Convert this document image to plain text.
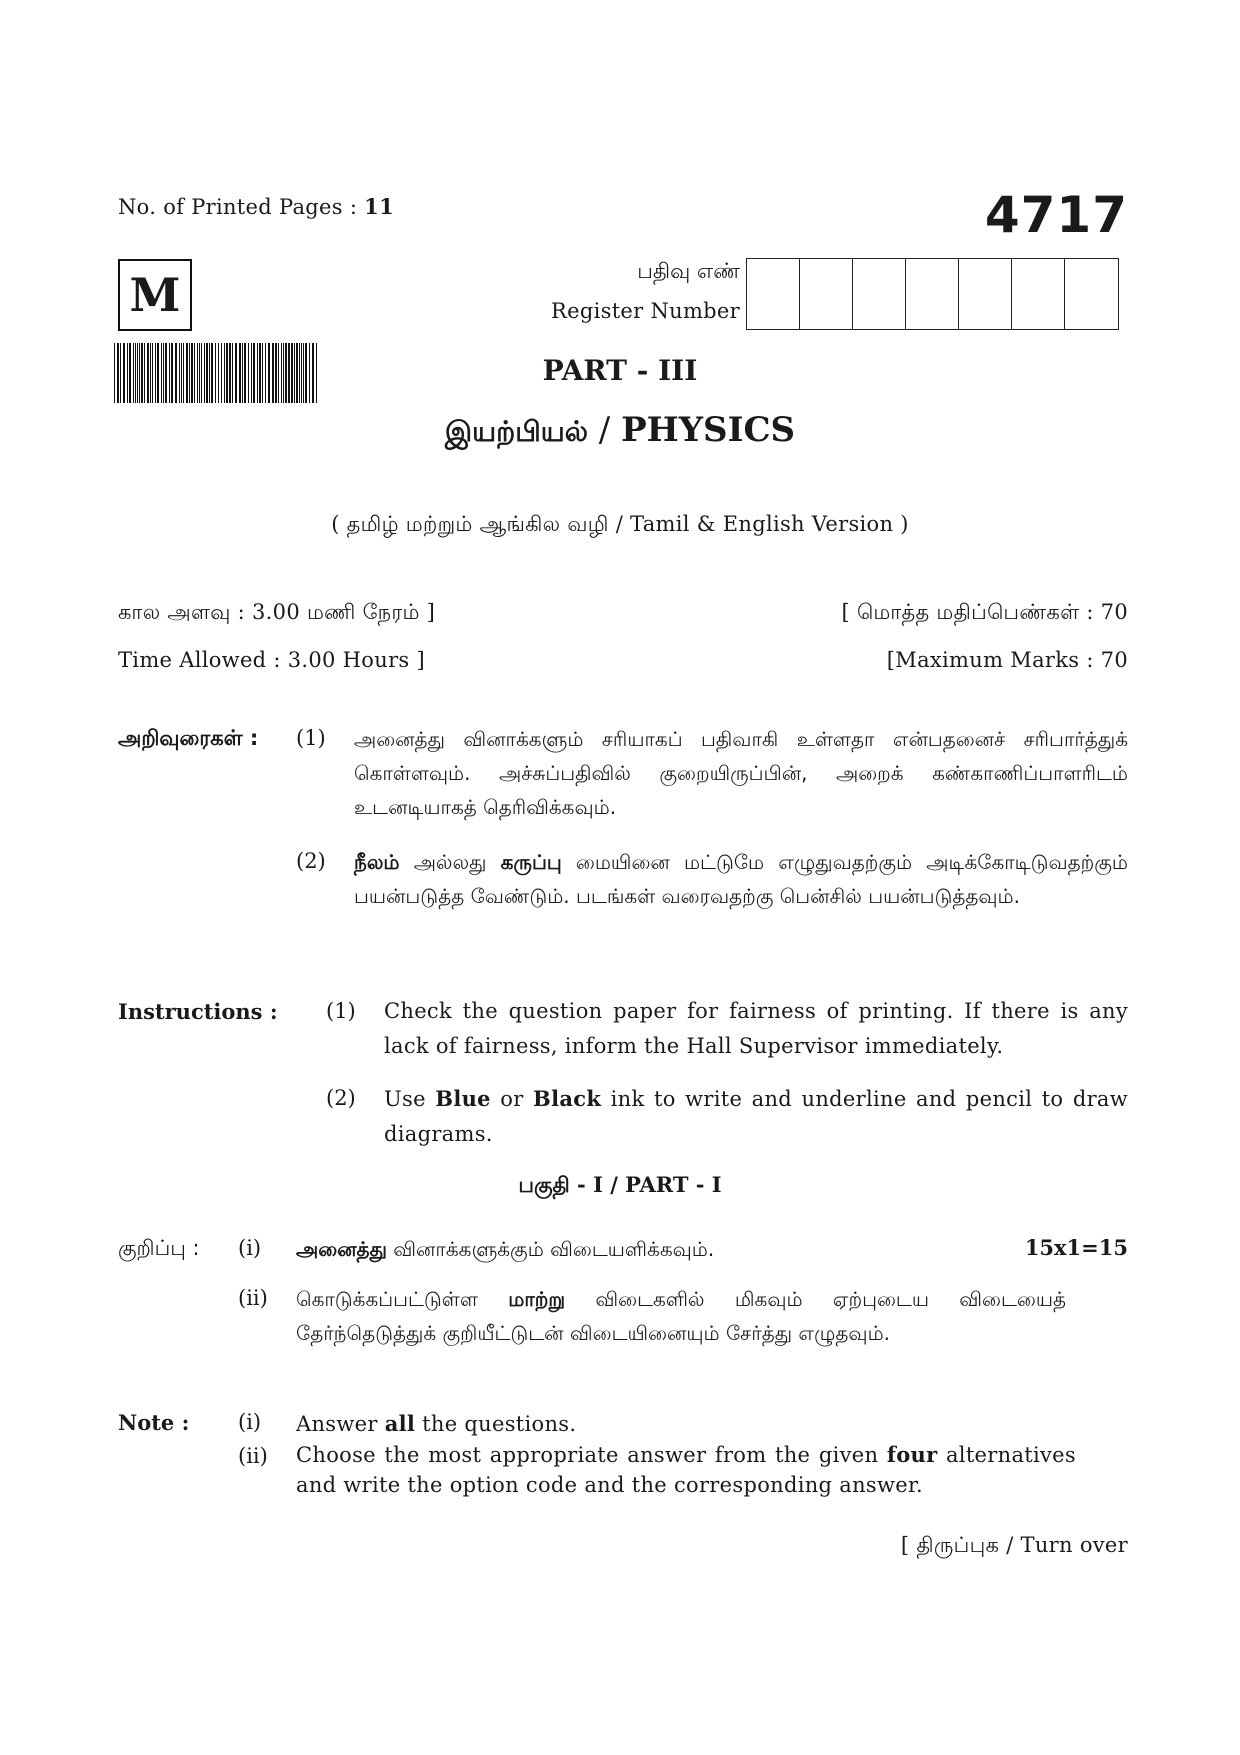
No. of Printed Pages : 11	4717
M	பதிவு எண்
Register Number
PART - III
இயற்பியல் / PHYSICS
( தமிழ் மற்றும் ஆங்கில வழி / Tamil & English Version )
கால அளவு : 3.00 மணி நேரம் ]	[ மொத்த மதிப்பெண்கள் : 70
Time Allowed : 3.00 Hours ]	[Maximum Marks : 70
அறிவுரைகள் : (1) அனைத்து வினாக்களும் சரியாகப் பதிவாகி உள்ளதா என்பதனைச் சரிபார்த்துக் கொள்ளவும். அச்சுப்பதிவில் குறையிருப்பின், அறைக் கண்காணிப்பாளரிடம் உடனடியாகத் தெரிவிக்கவும்.
(2) நீலம் அல்லது கருப்பு மையினை மட்டுமே எழுதுவதற்கும் அடிக்கோடிடுவதற்கும் பயன்படுத்த வேண்டும். படங்கள் வரைவதற்கு பென்சில் பயன்படுத்தவும்.
Instructions : (1) Check the question paper for fairness of printing. If there is any lack of fairness, inform the Hall Supervisor immediately.
(2) Use Blue or Black ink to write and underline and pencil to draw diagrams.
பகுதி - I / PART - I
குறிப்பு : (i) அனைத்து வினாக்களுக்கும் விடையளிக்கவும்.	15x1=15
(ii) கொடுக்கப்பட்டுள்ள மாற்று விடைகளில் மிகவும் ஏற்புடைய விடையைத் தேர்ந்தெடுத்துக் குறியீட்டுடன் விடையினையும் சேர்த்து எழுதவும்.
Note : (i) Answer all the questions.
(ii) Choose the most appropriate answer from the given four alternatives and write the option code and the corresponding answer.
[ திருப்புக / Turn over
